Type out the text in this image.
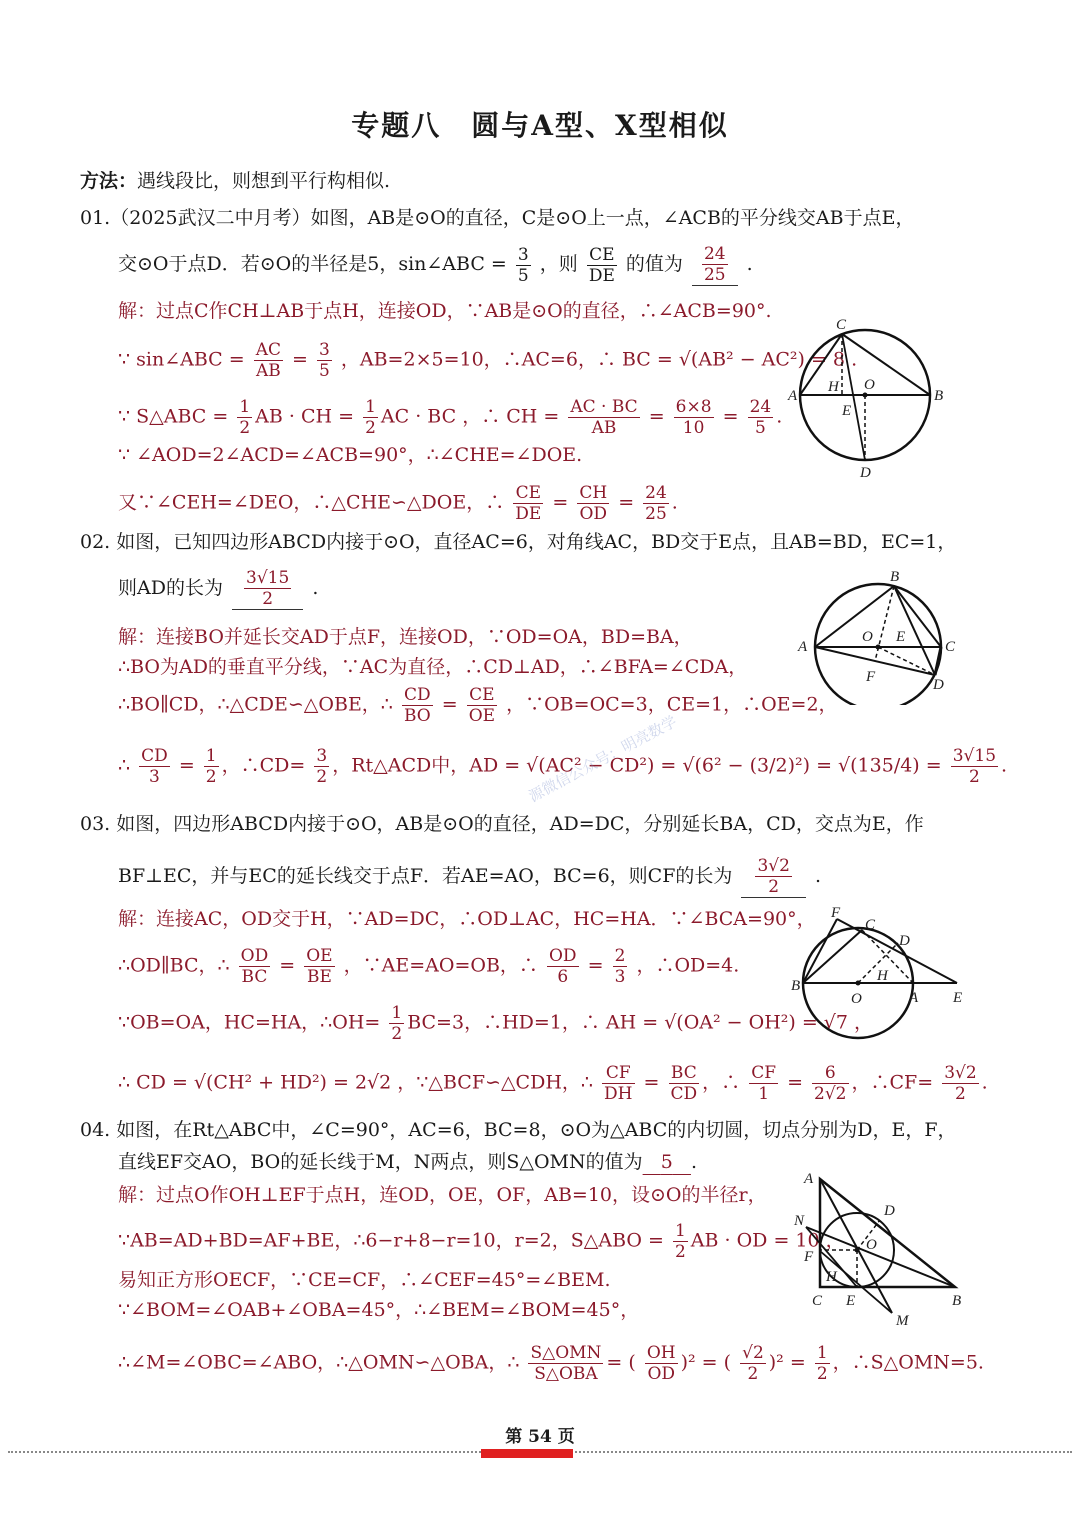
专题八　圆与A型、X型相似
方法：遇线段比，则想到平行构相似.
01.（2025武汉二中月考）如图，AB是⊙O的直径，C是⊙O上一点，∠ACB的平分线交AB于点E，
交⊙O于点D．若⊙O的半径是5，sin∠ABC = $\frac{3}{5}$ ，则 $\frac{CE}{DE}$ 的值为 $\frac{24}{25}$ .
解：过点C作CH⊥AB于点H，连接OD，∵AB是⊙O的直径，∴∠ACB=90°.
∵ sin∠ABC = $\frac{AC}{AB} = \frac{3}{5}$ ，AB=2×5=10，∴AC=6，∴ BC = √(AB² − AC²) = 8 .
∵ S△ABC = $\frac{1}{2}$ AB · CH = $\frac{1}{2}$ AC · BC ，∴ CH = $\frac{AC \cdot BC}{AB} = \frac{6\times 8}{10} = \frac{24}{5}$ .
∵ ∠AOD=2∠ACD=∠ACB=90°，∴∠CHE=∠DOE.
又∵∠CEH=∠DEO，∴△CHE∽△DOE，∴ $\frac{CE}{DE} = \frac{CH}{OD} = \frac{24}{25}$ .
C
A	B
H O
E
D
02. 如图，已知四边形ABCD内接于⊙O，直径AC=6，对角线AC，BD交于E点，且AB=BD，EC=1，
则AD的长为 $\frac{3√15}{2}$ .
解：连接BO并延长交AD于点F，连接OD，∵OD=OA，BD=BA，
∴BO为AD的垂直平分线，∵AC为直径，∴CD⊥AD，∴∠BFA=∠CDA，
∴BO∥CD，∴△CDE∽△OBE，∴ $\frac{CD}{BO} = \frac{CE}{OE}$ ，∵OB=OC=3，CE=1，∴OE=2，
∴ $\frac{CD}{3} = \frac{1}{2}$ ，∴CD= $\frac{3}{2}$ ，Rt△ACD中，AD = $√(AC^2 - CD^2) = √(6^2 - (3/2)^2) = √(135/4) = \frac{3√15}{2}$ .
B
A	C
O E
F	D
03. 如图，四边形ABCD内接于⊙O，AB是⊙O的直径，AD=DC，分别延长BA，CD，交点为E，作
BF⊥EC，并与EC的延长线交于点F．若AE=AO，BC=6，则CF的长为 $\frac{3√2}{2}$ .
解：连接AC，OD交于H，∵AD=DC，∴OD⊥AC，HC=HA．∵∠BCA=90°，
∴OD∥BC，∴ $\frac{OD}{BC} = \frac{OE}{BE}$ ，∵AE=AO=OB，∴ $\frac{OD}{6} = \frac{2}{3}$ ，∴OD=4.
∵OB=OA，HC=HA，∴OH= $\frac{1}{2} BC=3$，∴HD=1，∴ AH = √(OA² − OH²) = √7 ，
∴ CD = √(CH² + HD²) = 2√2 ，∵△BCF∽△CDH，∴ $\frac{CF}{DH} = \frac{BC}{CD}$ ，∴ $\frac{CF}{1} = \frac{6}{2√2}$ ，∴CF= $\frac{3√2}{2}$ .
F
C
D
H
B
O	A E
04. 如图，在Rt△ABC中，∠C=90°，AC=6，BC=8，⊙O为△ABC的内切圆，切点分别为D，E，F，
直线EF交AO，BO的延长线于M，N两点，则S△OMN的值为 5 .
解：过点O作OH⊥EF于点H，连OD，OE，OF，AB=10，设⊙O的半径r，
∵AB=AD+BD=AF+BE，∴6−r+8−r=10，r=2，S△ABO = $\frac{1}{2}$ AB · OD = 10 ，
易知正方形OECF，∵CE=CF，∴∠CEF=45°=∠BEM.
∵∠BOM=∠OAB+∠OBA=45°，∴∠BEM=∠BOM=45°，
∴∠M=∠OBC=∠ABO，∴△OMN∽△OBA，∴ $\frac{\text{S△OMN}}{\text{S△OBA}}$ = ( $\frac{OH}{OD} )^2$ = ( $\frac{√2}{2} )^2 = \frac{1}{2}$ ，∴S△OMN=5.
A
N
D
O
F
H
C E	B
M
源微信公众号：明亮数学
第 54 页
